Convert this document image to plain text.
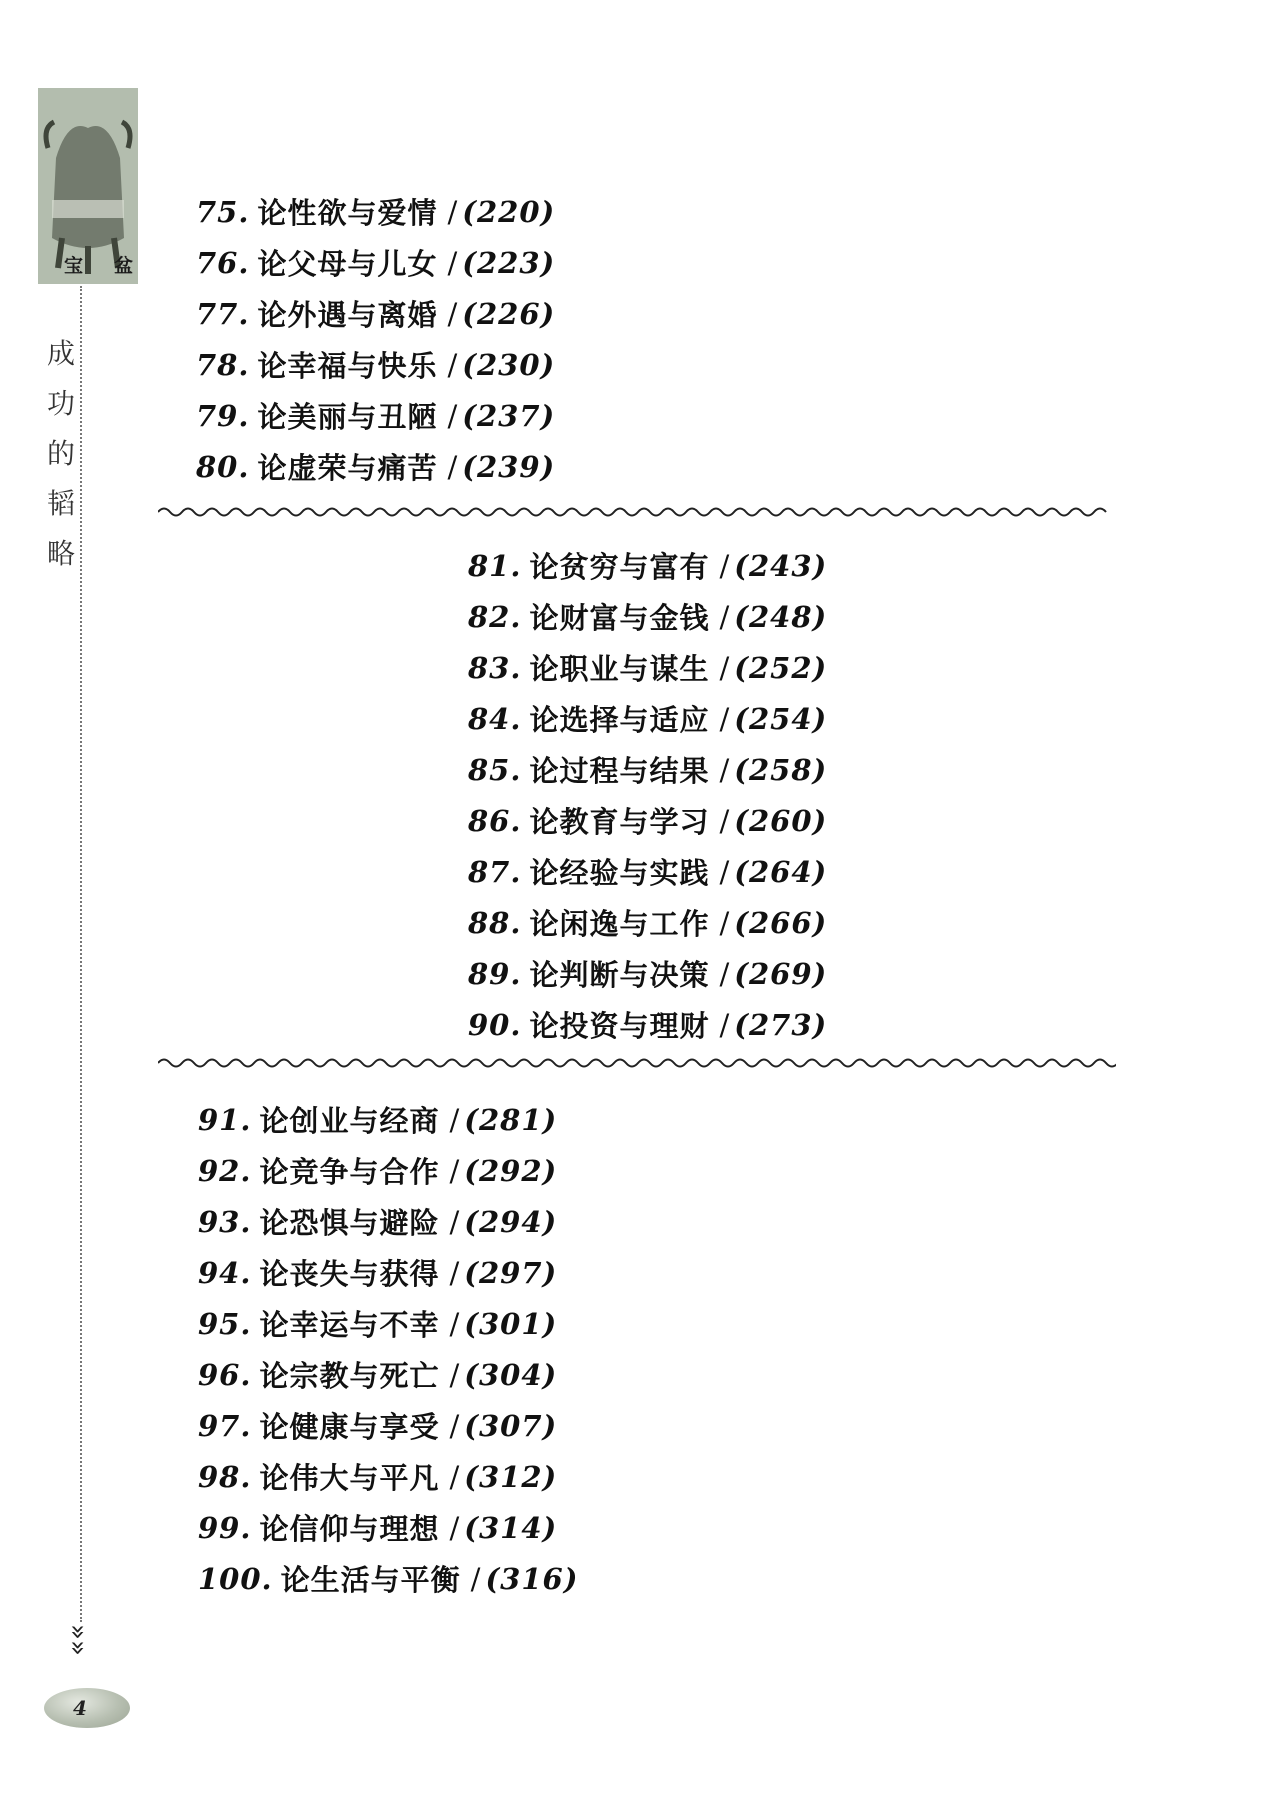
宝 盆
成
功
的
韬
略
»
»
4
75. 论性欲与爱情 / (220)
76. 论父母与儿女 / (223)
77. 论外遇与离婚 / (226)
78. 论幸福与快乐 / (230)
79. 论美丽与丑陋 / (237)
80. 论虚荣与痛苦 / (239)
81. 论贫穷与富有 / (243)
82. 论财富与金钱 / (248)
83. 论职业与谋生 / (252)
84. 论选择与适应 / (254)
85. 论过程与结果 / (258)
86. 论教育与学习 / (260)
87. 论经验与实践 / (264)
88. 论闲逸与工作 / (266)
89. 论判断与决策 / (269)
90. 论投资与理财 / (273)
91. 论创业与经商 / (281)
92. 论竞争与合作 / (292)
93. 论恐惧与避险 / (294)
94. 论丧失与获得 / (297)
95. 论幸运与不幸 / (301)
96. 论宗教与死亡 / (304)
97. 论健康与享受 / (307)
98. 论伟大与平凡 / (312)
99. 论信仰与理想 / (314)
100. 论生活与平衡 / (316)
